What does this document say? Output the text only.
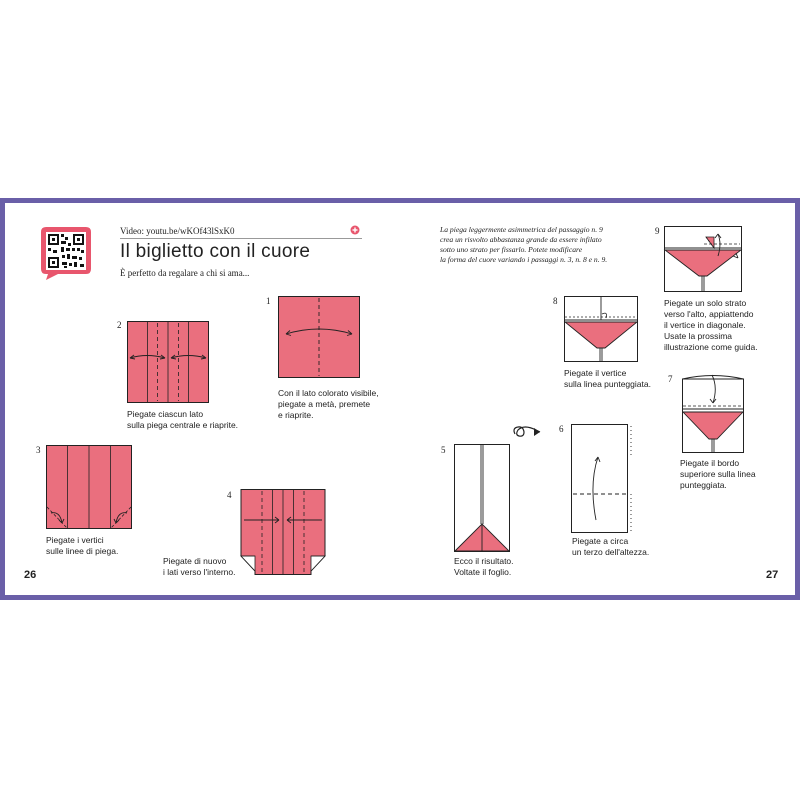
Video: youtu.be/wKOf43lSxK0
Il biglietto con il cuore
È perfetto da regalare a chi si ama...
1
Con il lato colorato visibile,
piegate a metà, premete
e riaprite.
2
Piegate ciascun lato
sulla piega centrale e riaprite.
3
Piegate i vertici
sulle linee di piega.
4
Piegate di nuovo
i lati verso l'interno.
26
La piega leggermente asimmetrica del passaggio n. 9
crea un risvolto abbastanza grande da essere infilato
sotto uno strato per fissarlo. Potete modificare
la forma del cuore variando i passaggi n. 3, n. 8 e n. 9.
5
Ecco il risultato.
Voltate il foglio.
6
Piegate a circa
un terzo dell'altezza.
8
Piegate il vertice
sulla linea punteggiata.
9
Piegate un solo strato
verso l'alto, appiattendo
il vertice in diagonale.
Usate la prossima
illustrazione come guida.
7
Piegate il bordo
superiore sulla linea
punteggiata.
27
